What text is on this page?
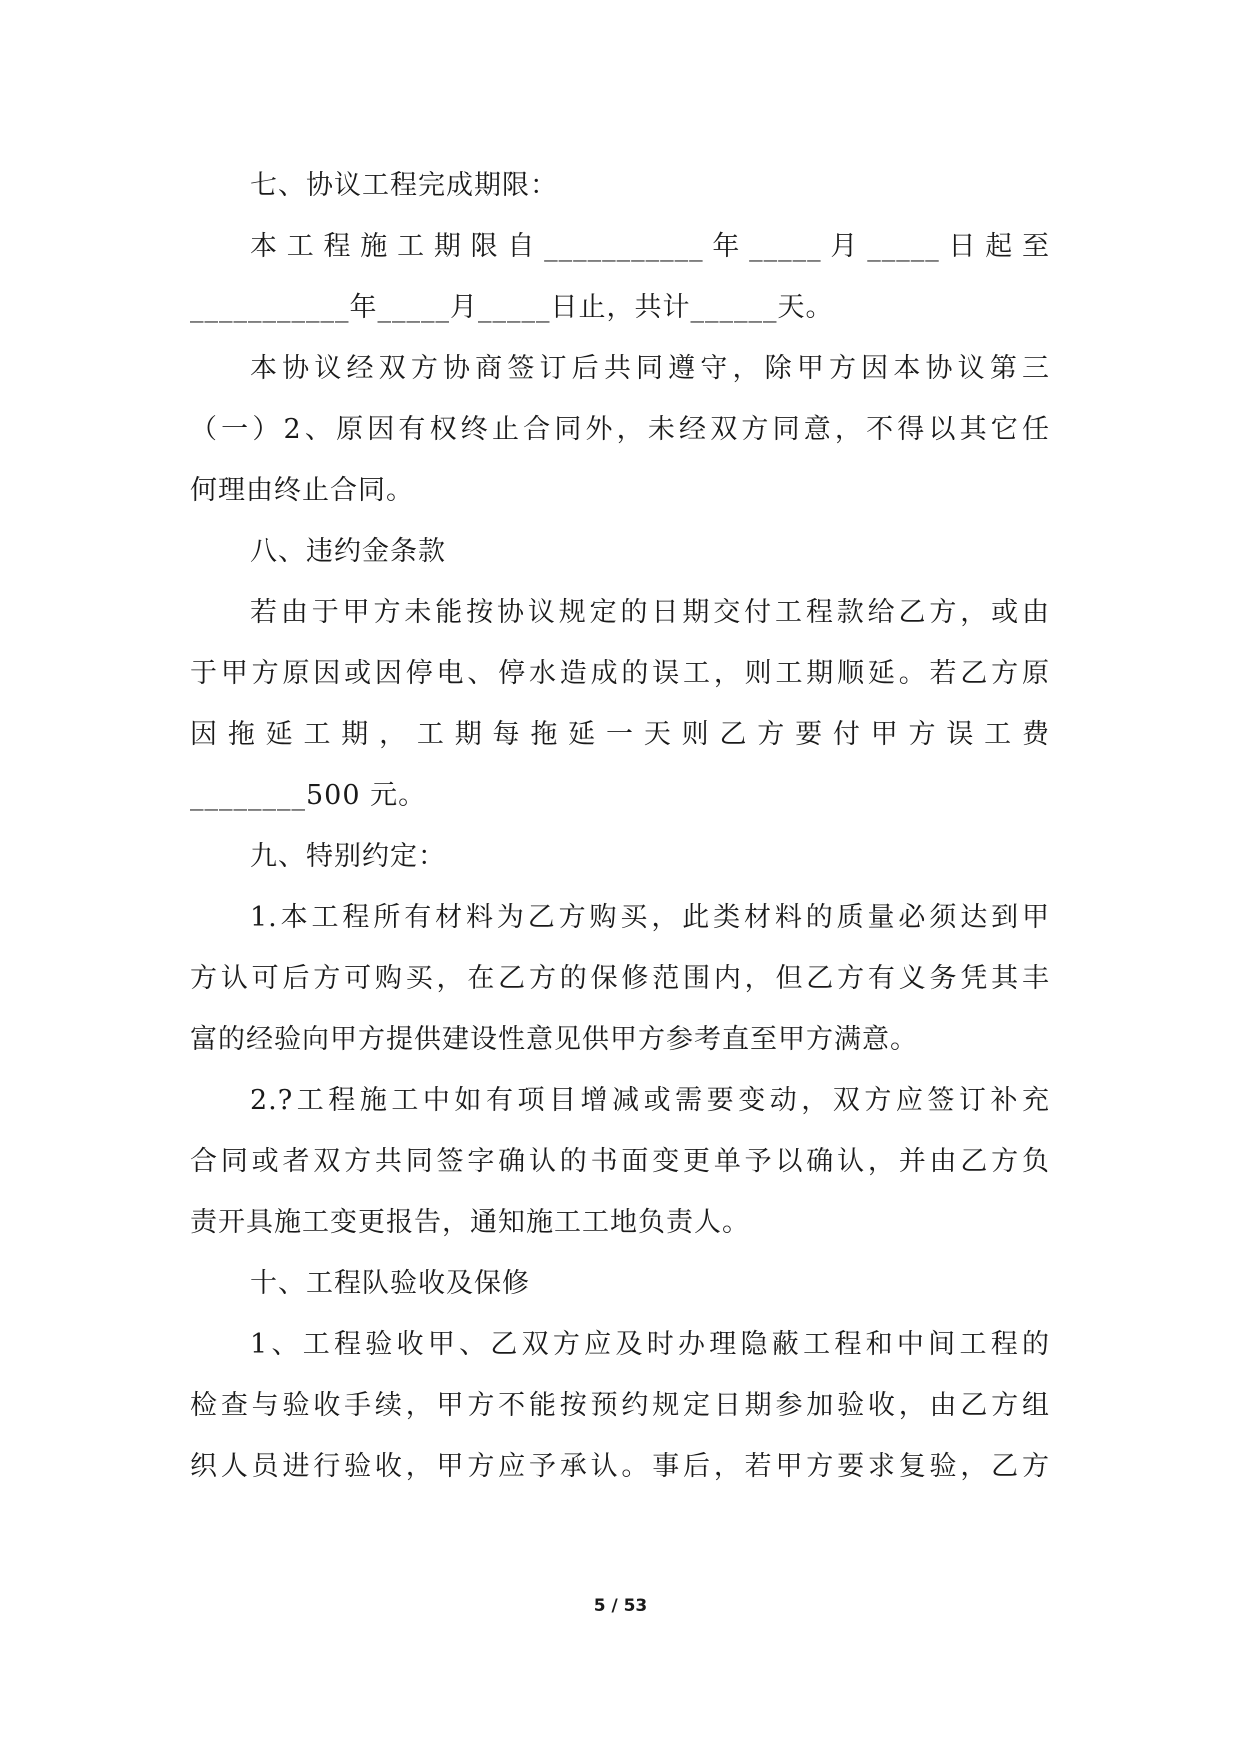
七、协议工程完成期限：
本工程施工期限自___________年_____月_____日起至
___________年_____月_____日止，共计______天。
本协议经双方协商签订后共同遵守，除甲方因本协议第三
（一）2、原因有权终止合同外，未经双方同意，不得以其它任
何理由终止合同。
八、违约金条款
若由于甲方未能按协议规定的日期交付工程款给乙方，或由
于甲方原因或因停电、停水造成的误工，则工期顺延。若乙方原
因拖延工期，工期每拖延一天则乙方要付甲方误工费
________500 元。
九、特别约定：
1.本工程所有材料为乙方购买，此类材料的质量必须达到甲
方认可后方可购买，在乙方的保修范围内，但乙方有义务凭其丰
富的经验向甲方提供建设性意见供甲方参考直至甲方满意。
2.?工程施工中如有项目增减或需要变动，双方应签订补充
合同或者双方共同签字确认的书面变更单予以确认，并由乙方负
责开具施工变更报告，通知施工工地负责人。
十、工程队验收及保修
1、工程验收甲、乙双方应及时办理隐蔽工程和中间工程的
检查与验收手续，甲方不能按预约规定日期参加验收，由乙方组
织人员进行验收，甲方应予承认。事后，若甲方要求复验，乙方
5 / 53
